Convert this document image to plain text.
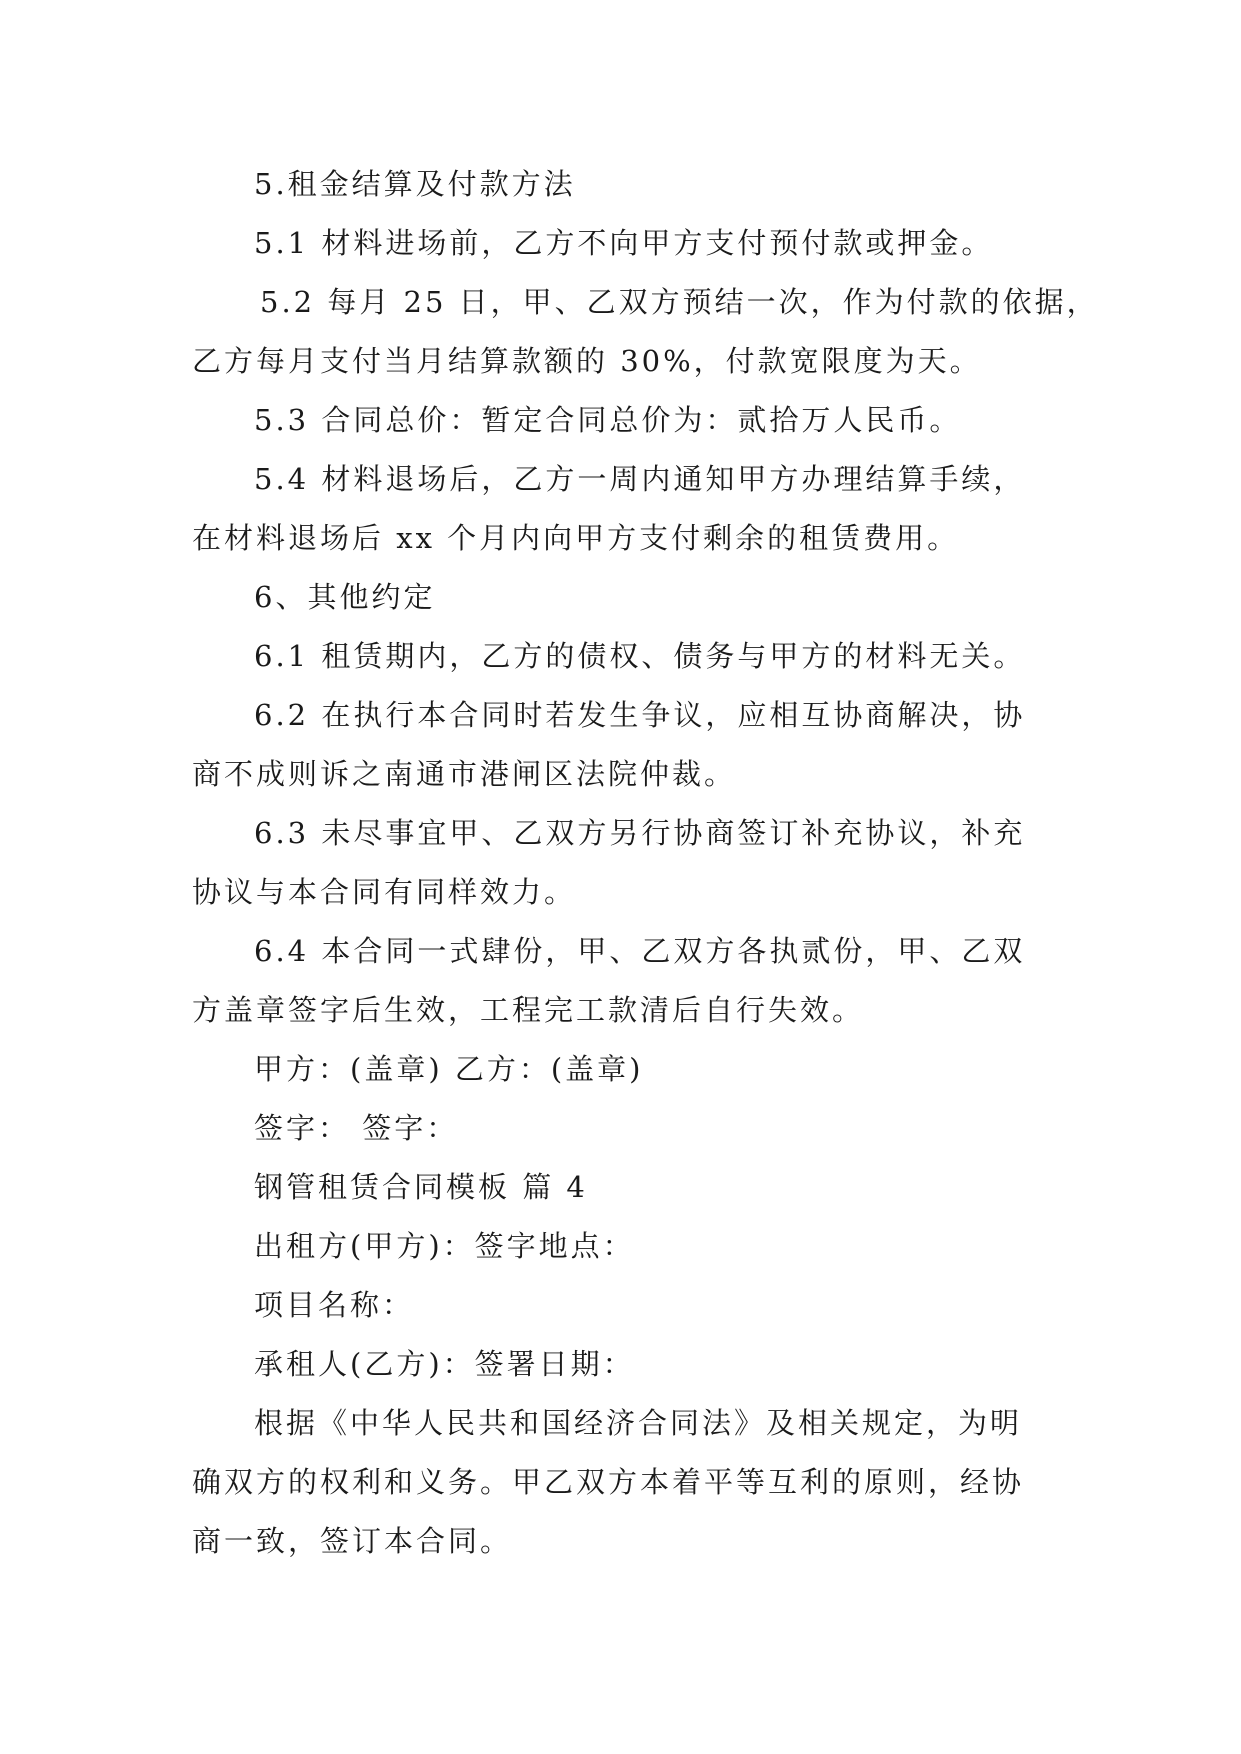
5.租金结算及付款方法
5.1 材料进场前，乙方不向甲方支付预付款或押金。
5.2 每月 25 日，甲、乙双方预结一次，作为付款的依据，
乙方每月支付当月结算款额的 30%，付款宽限度为天。
5.3 合同总价：暂定合同总价为：贰拾万人民币。
5.4 材料退场后，乙方一周内通知甲方办理结算手续，
在材料退场后 xx 个月内向甲方支付剩余的租赁费用。
6、其他约定
6.1 租赁期内，乙方的债权、债务与甲方的材料无关。
6.2 在执行本合同时若发生争议，应相互协商解决，协
商不成则诉之南通市港闸区法院仲裁。
6.3 未尽事宜甲、乙双方另行协商签订补充协议，补充
协议与本合同有同样效力。
6.4 本合同一式肆份，甲、乙双方各执贰份，甲、乙双
方盖章签字后生效，工程完工款清后自行失效。
甲方：(盖章) 乙方：(盖章)
签字： 签字：
钢管租赁合同模板 篇 4
出租方(甲方)：签字地点：
项目名称：
承租人(乙方)：签署日期：
根据《中华人民共和国经济合同法》及相关规定，为明
确双方的权利和义务。甲乙双方本着平等互利的原则，经协
商一致，签订本合同。
